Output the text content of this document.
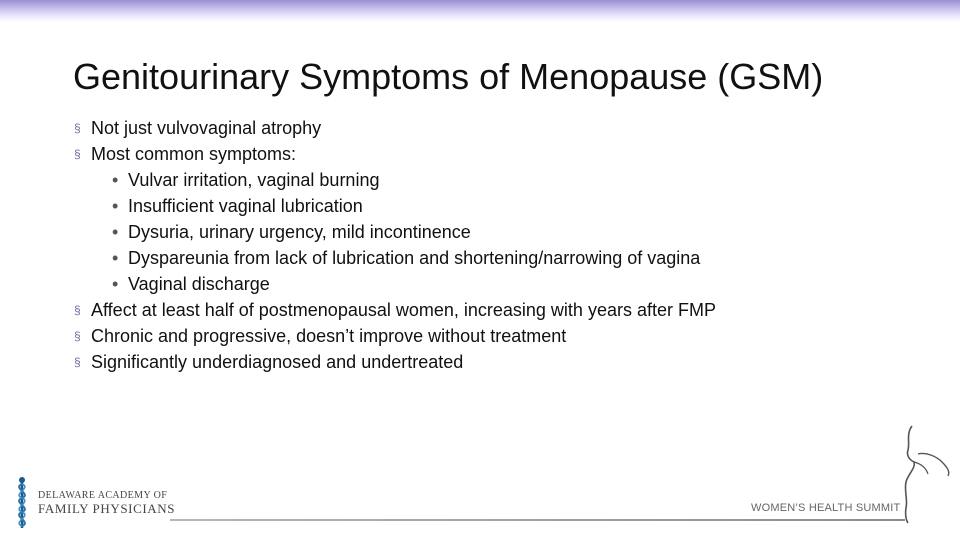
Genitourinary Symptoms of Menopause (GSM)
§ Not just vulvovaginal atrophy
§ Most common symptoms:
• Vulvar irritation, vaginal burning
• Insufficient vaginal lubrication
• Dysuria, urinary urgency, mild incontinence
• Dyspareunia from lack of lubrication and shortening/narrowing of vagina
• Vaginal discharge
§ Affect at least half of postmenopausal women, increasing with years after FMP
§ Chronic and progressive, doesn’t improve without treatment
§ Significantly underdiagnosed and undertreated
DELAWARE ACADEMY OF
FAMILY PHYSICIANS	WOMEN’S HEALTH SUMMIT
